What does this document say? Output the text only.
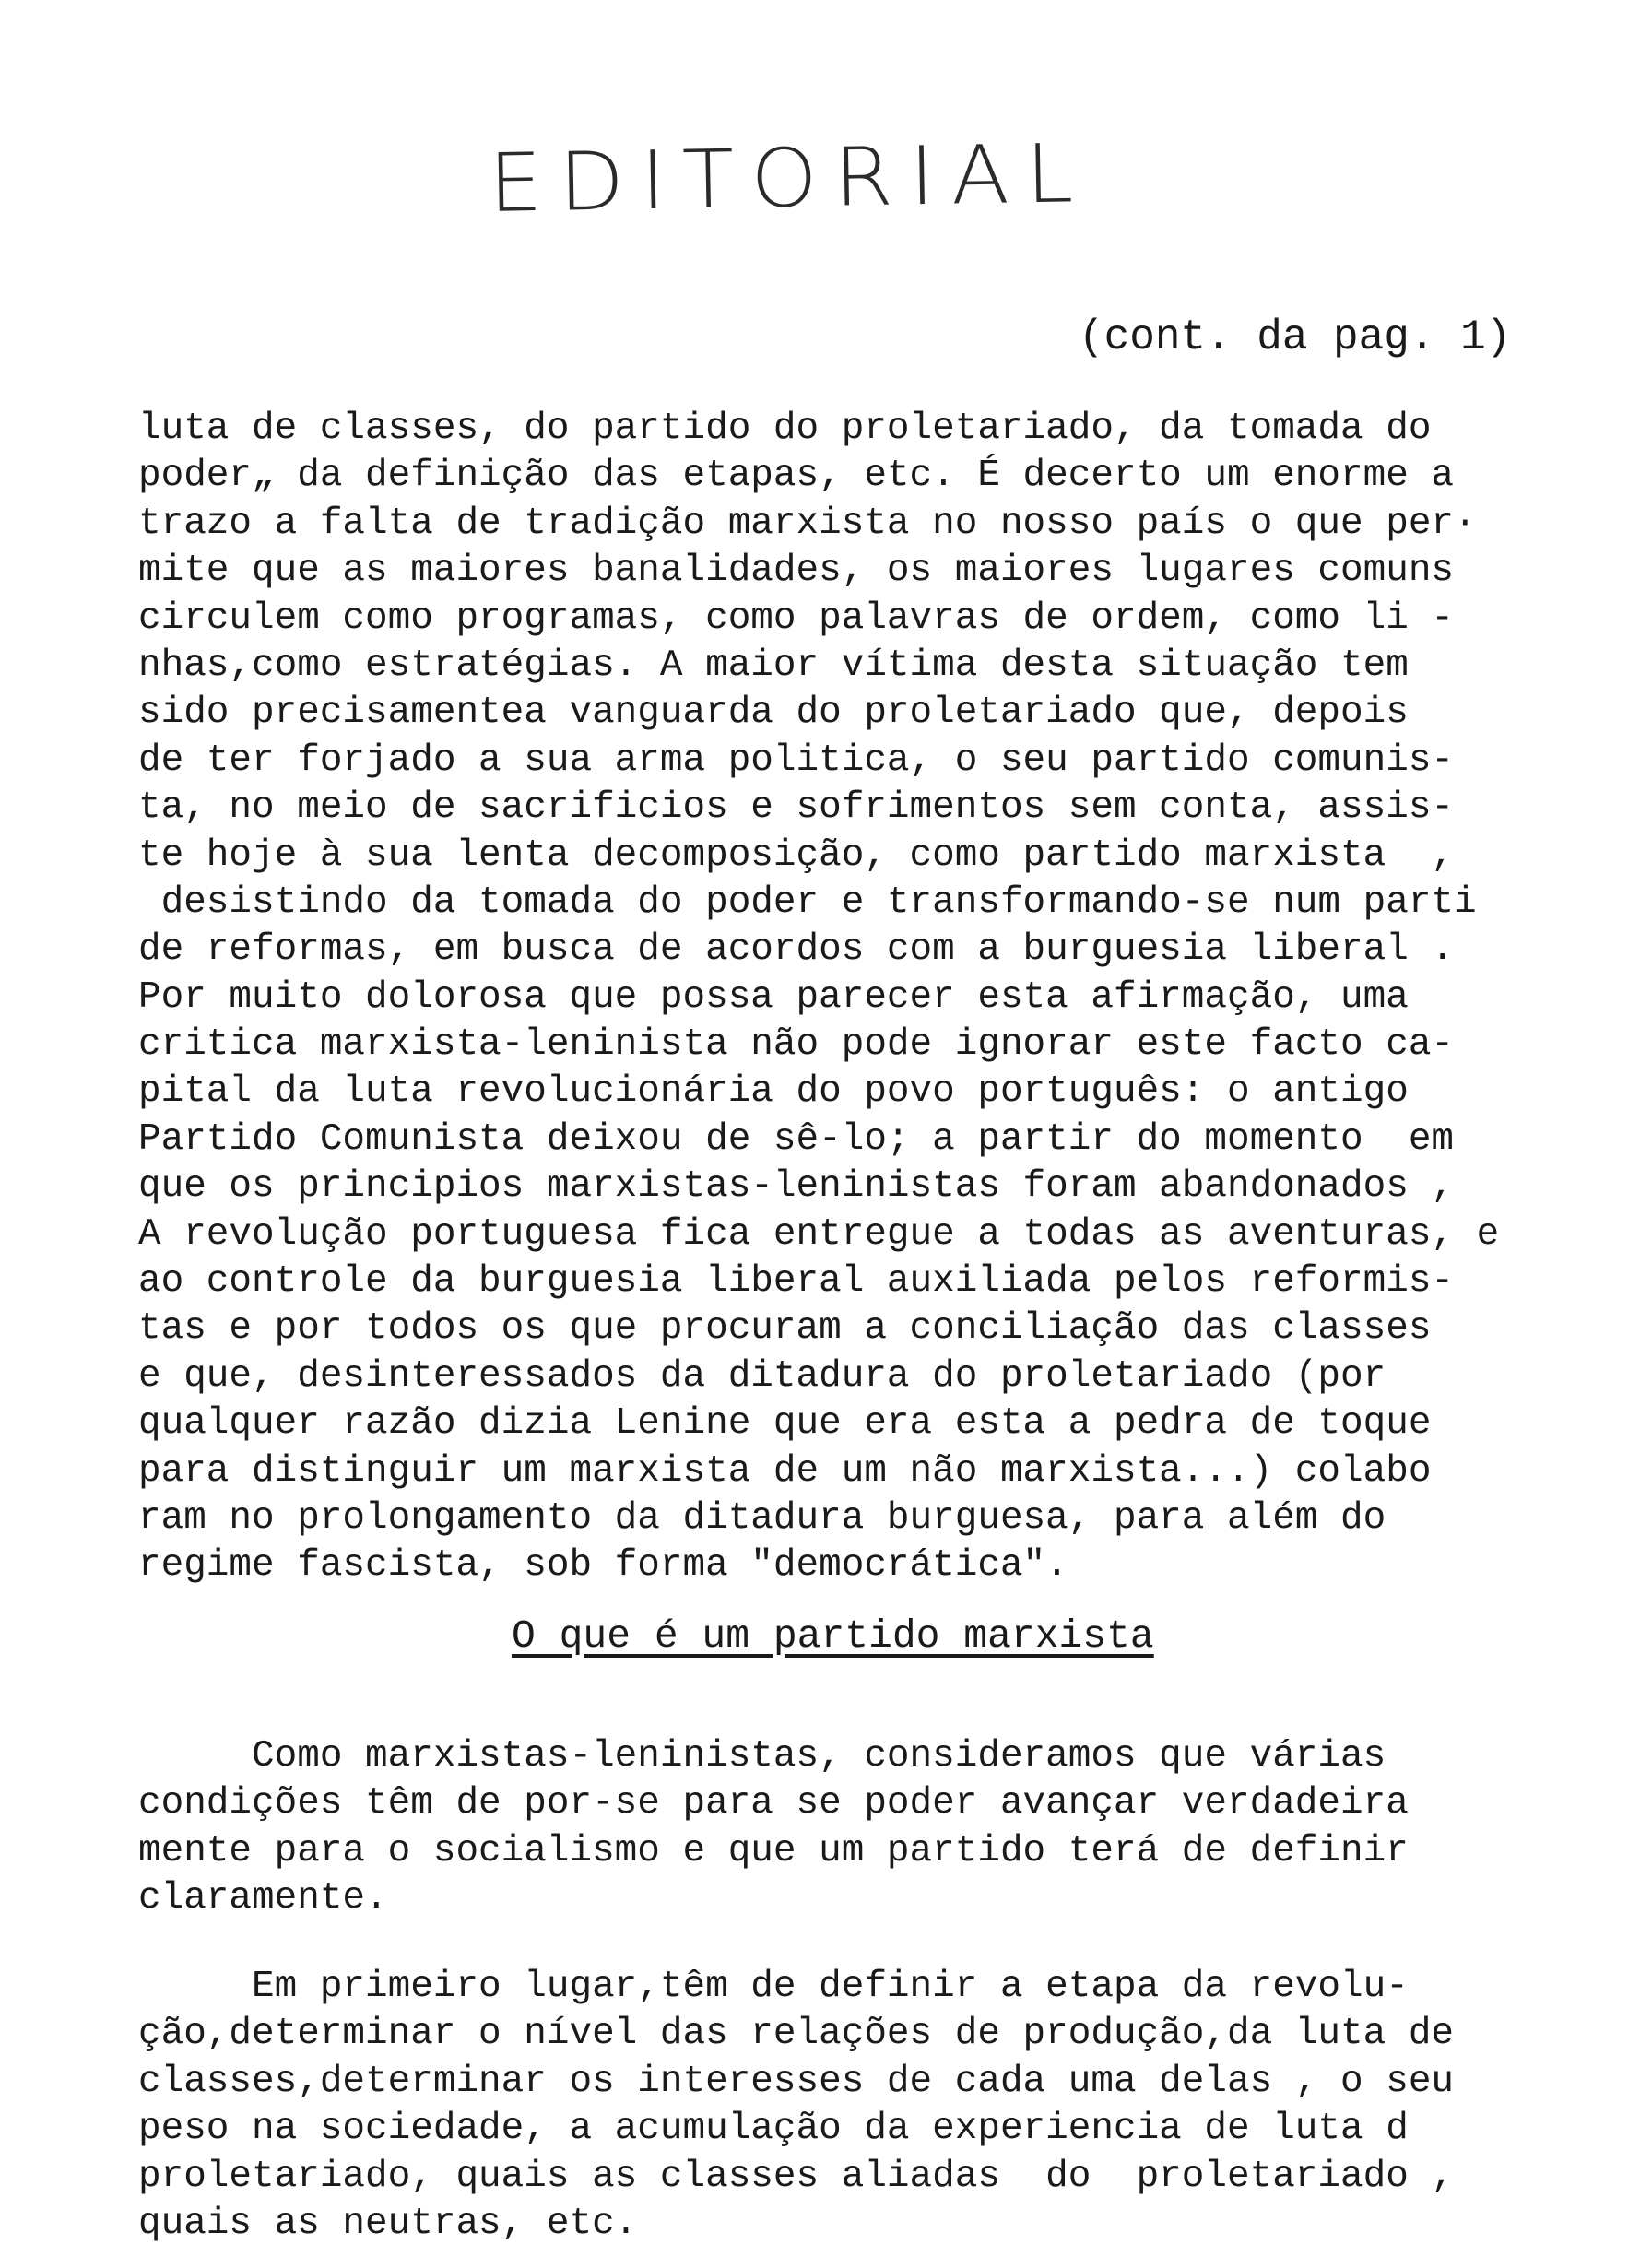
EDITORIAL
(cont. da pag. 1)
luta de classes, do partido do proletariado, da tomada do
poder„ da definição das etapas, etc. É decerto um enorme a
trazo a falta de tradição marxista no nosso país o que per·
mite que as maiores banalidades, os maiores lugares comuns
circulem como programas, como palavras de ordem, como li -
nhas,como estratégias. A maior vítima desta situação tem
sido precisamentea vanguarda do proletariado que, depois
de ter forjado a sua arma politica, o seu partido comunis-
ta, no meio de sacrificios e sofrimentos sem conta, assis-
te hoje à sua lenta decomposição, como partido marxista  ,
desistindo da tomada do poder e transformando-se num parti
de reformas, em busca de acordos com a burguesia liberal .
Por muito dolorosa que possa parecer esta afirmação, uma
critica marxista-leninista não pode ignorar este facto ca-
pital da luta revolucionária do povo português: o antigo
Partido Comunista deixou de sê-lo; a partir do momento  em
que os principios marxistas-leninistas foram abandonados ,
A revolução portuguesa fica entregue a todas as aventuras, e
ao controle da burguesia liberal auxiliada pelos reformis-
tas e por todos os que procuram a conciliação das classes
e que, desinteressados da ditadura do proletariado (por
qualquer razão dizia Lenine que era esta a pedra de toque
para distinguir um marxista de um não marxista...) colabo
ram no prolongamento da ditadura burguesa, para além do
regime fascista, sob forma "democrática".
O que é um partido marxista
Como marxistas-leninistas, consideramos que várias
condições têm de por-se para se poder avançar verdadeira
mente para o socialismo e que um partido terá de definir
claramente.
Em primeiro lugar,têm de definir a etapa da revolu-
ção,determinar o nível das relações de produção,da luta de
classes,determinar os interesses de cada uma delas , o seu
peso na sociedade, a acumulação da experiencia de luta d
proletariado, quais as classes aliadas  do  proletariado ,
quais as neutras, etc.
